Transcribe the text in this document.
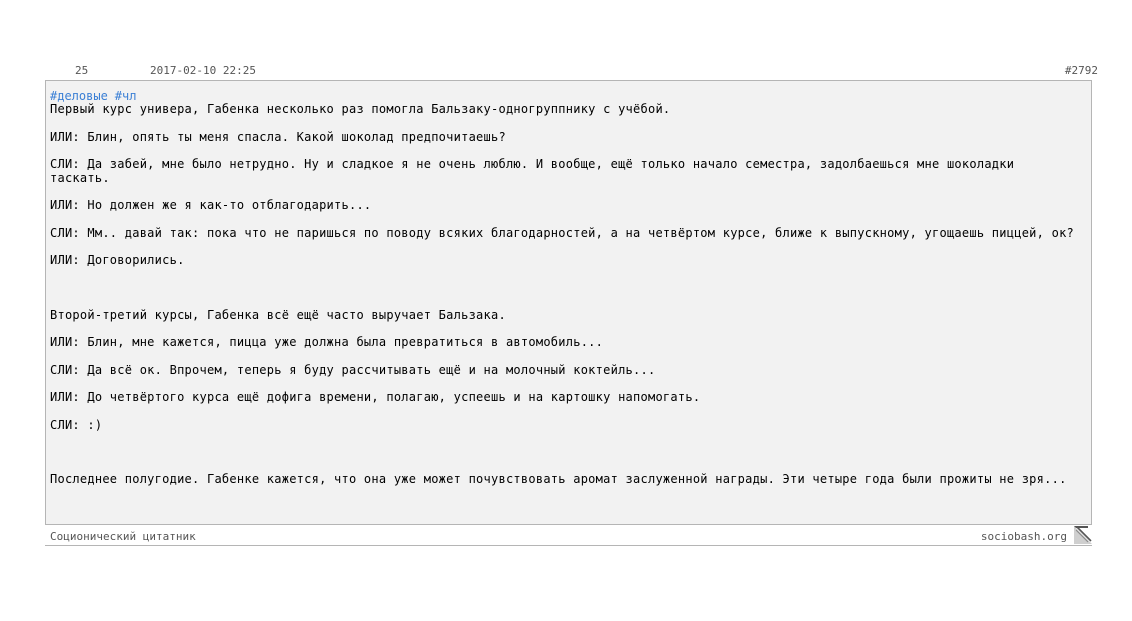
25	2017-02-10 22:25	#2792
#деловые #чл
Первый курс универа, Габенка несколько раз помогла Бальзаку-одногруппнику с учёбой.
ИЛИ: Блин, опять ты меня спасла. Какой шоколад предпочитаешь?
СЛИ: Да забей, мне было нетрудно. Ну и сладкое я не очень люблю. И вообще, ещё только начало семестра, задолбаешься мне шоколадки таскать.
ИЛИ: Но должен же я как-то отблагодарить...
СЛИ: Мм.. давай так: пока что не паришься по поводу всяких благодарностей, а на четвёртом курсе, ближе к выпускному, угощаешь пиццей, ок?
ИЛИ: Договорились.
Второй-третий курсы, Габенка всё ещё часто выручает Бальзака.
ИЛИ: Блин, мне кажется, пицца уже должна была превратиться в автомобиль...
СЛИ: Да всё ок. Впрочем, теперь я буду рассчитывать ещё и на молочный коктейль...
ИЛИ: До четвёртого курса ещё дофига времени, полагаю, успеешь и на картошку напомогать.
СЛИ: :)
Последнее полугодие. Габенке кажется, что она уже может почувствовать аромат заслуженной награды. Эти четыре года были прожиты не зря...
Соционический цитатник	sociobash.org
